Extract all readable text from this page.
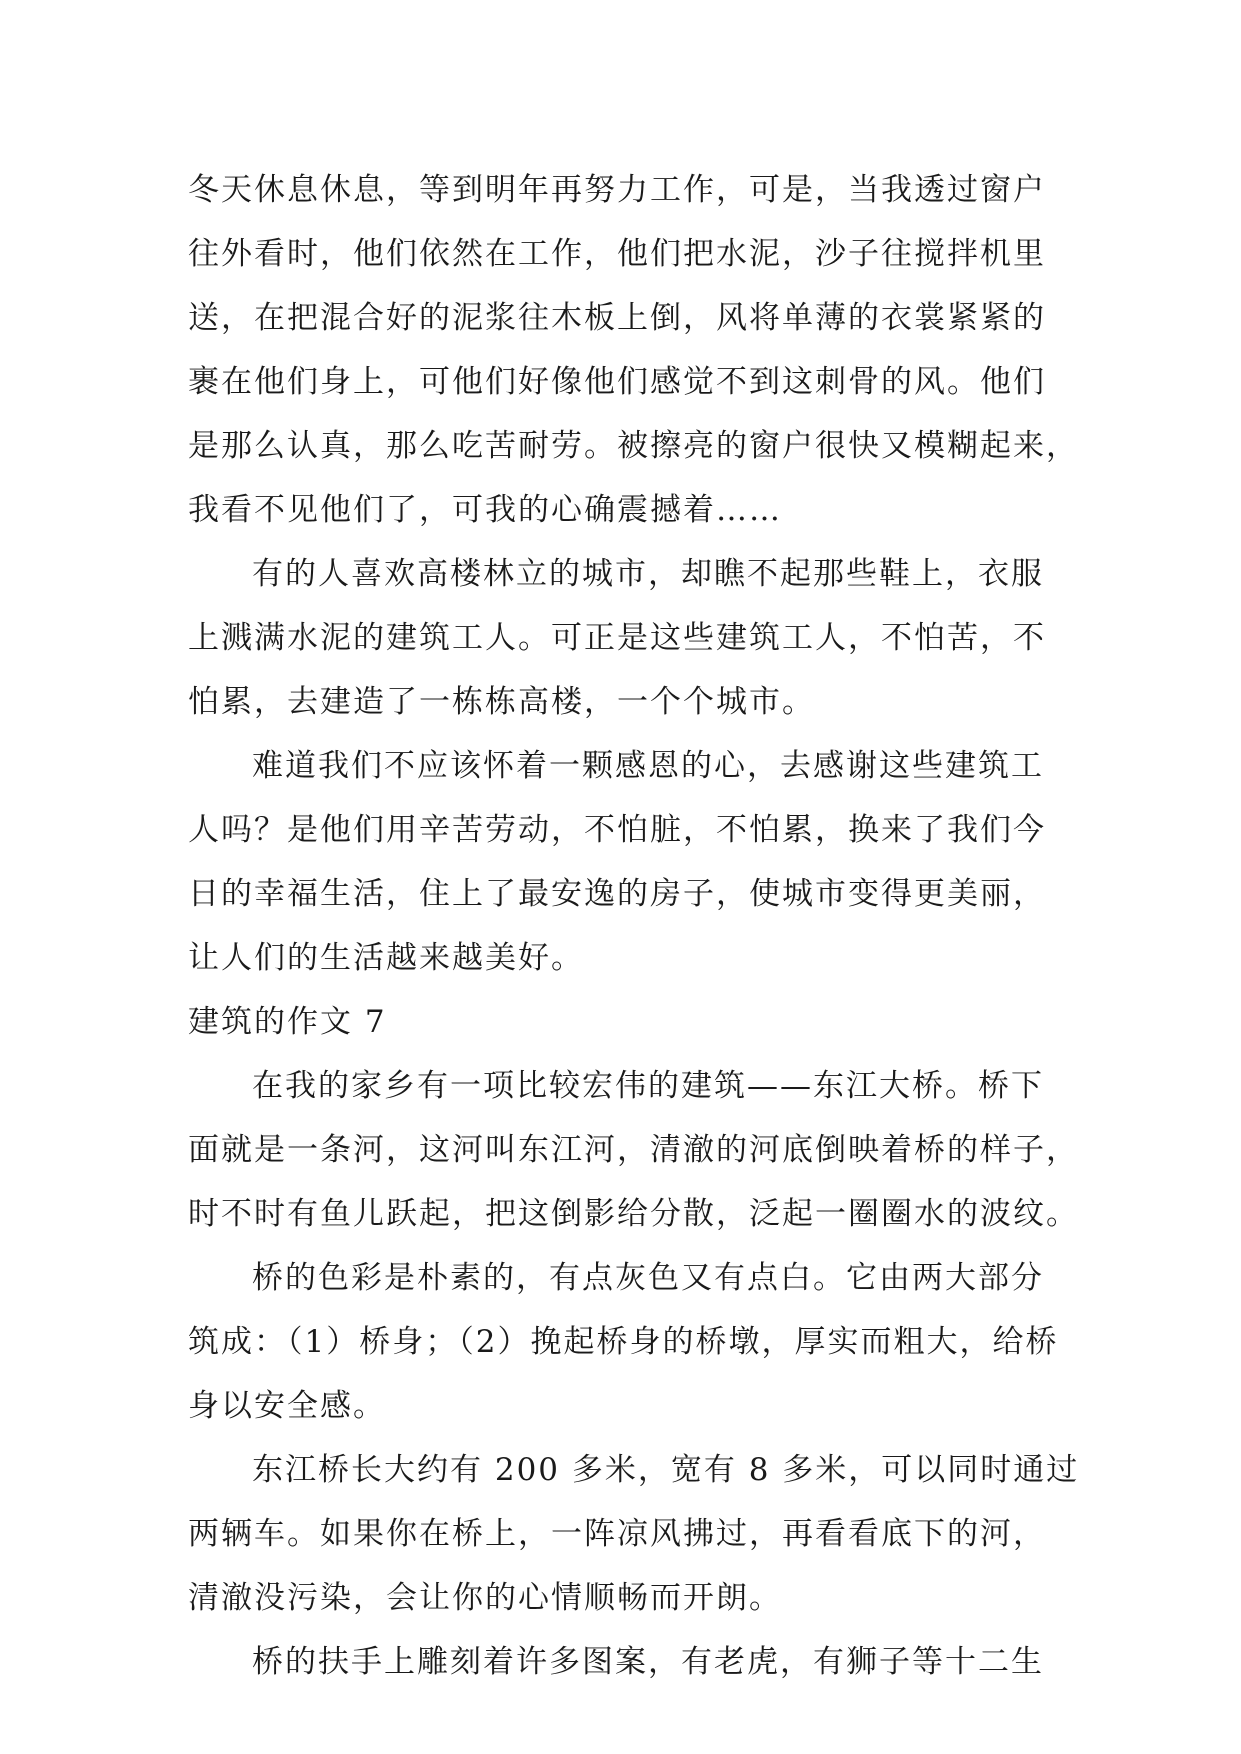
冬天休息休息，等到明年再努力工作，可是，当我透过窗户
往外看时，他们依然在工作，他们把水泥，沙子往搅拌机里
送，在把混合好的泥浆往木板上倒，风将单薄的衣裳紧紧的
裹在他们身上，可他们好像他们感觉不到这刺骨的风。他们
是那么认真，那么吃苦耐劳。被擦亮的窗户很快又模糊起来，
我看不见他们了，可我的心确震撼着……
有的人喜欢高楼林立的城市，却瞧不起那些鞋上，衣服
上溅满水泥的建筑工人。可正是这些建筑工人，不怕苦，不
怕累，去建造了一栋栋高楼，一个个城市。
难道我们不应该怀着一颗感恩的心，去感谢这些建筑工
人吗？是他们用辛苦劳动，不怕脏，不怕累，换来了我们今
日的幸福生活，住上了最安逸的房子，使城市变得更美丽，
让人们的生活越来越美好。
建筑的作文 7
在我的家乡有一项比较宏伟的建筑——东江大桥。桥下
面就是一条河，这河叫东江河，清澈的河底倒映着桥的样子，
时不时有鱼儿跃起，把这倒影给分散，泛起一圈圈水的波纹。
桥的色彩是朴素的，有点灰色又有点白。它由两大部分
筑成：（1）桥身；（2）挽起桥身的桥墩，厚实而粗大，给桥
身以安全感。
东江桥长大约有 200 多米，宽有 8 多米，可以同时通过
两辆车。如果你在桥上，一阵凉风拂过，再看看底下的河，
清澈没污染，会让你的心情顺畅而开朗。
桥的扶手上雕刻着许多图案，有老虎，有狮子等十二生
